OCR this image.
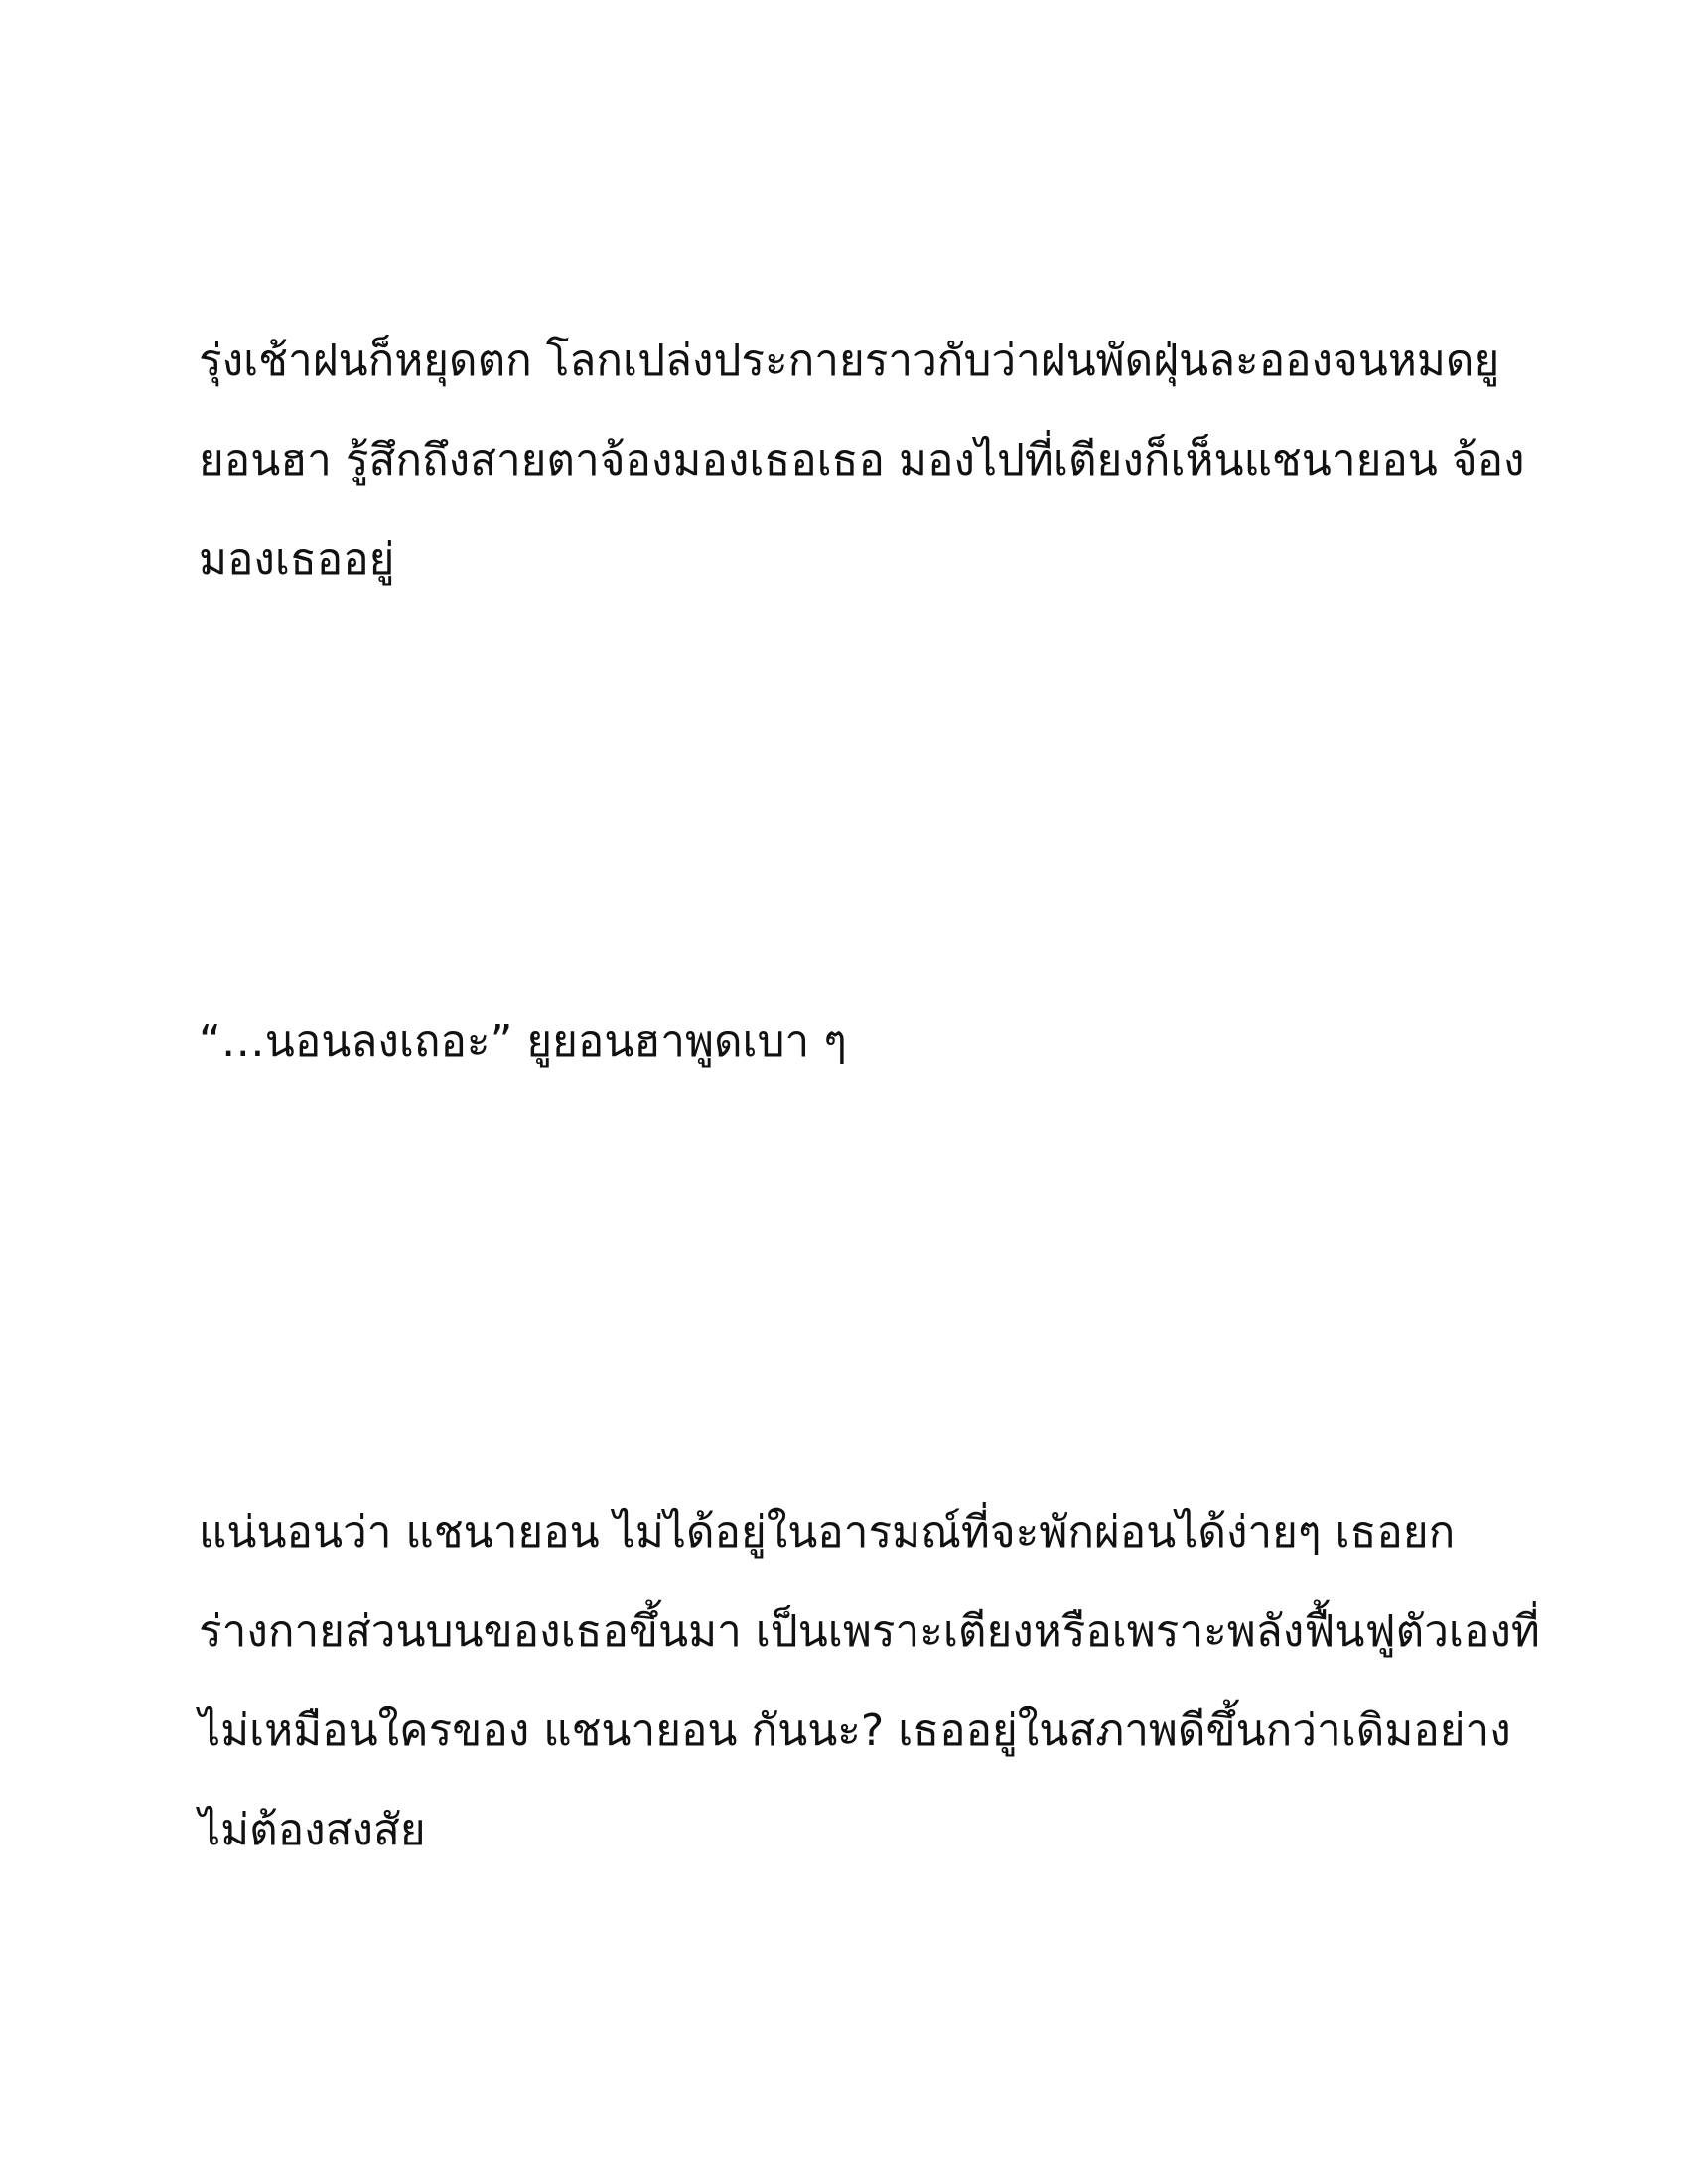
รุ่งเช้าฝนก็หยุดตก โลกเปล่งประกายราวกับว่าฝนพัดฝุ่นละอองจนหมดยู
ยอนฮา รู้สึกถึงสายตาจ้องมองเธอเธอ มองไปที่เตียงก็เห็นแชนายอน จ้อง
มองเธออยู่

“…นอนลงเถอะ” ยูยอนฮาพูดเบา ๆ

แน่นอนว่า แชนายอน ไม่ได้อยู่ในอารมณ์ที่จะพักผ่อนได้ง่ายๆ เธอยก
ร่างกายส่วนบนของเธอขึ้นมา เป็นเพราะเตียงหรือเพราะพลังฟื้นฟูตัวเองที่
ไม่เหมือนใครของ แชนายอน กันนะ? เธออยู่ในสภาพดีขึ้นกว่าเดิมอย่าง
ไม่ต้องสงสัย
